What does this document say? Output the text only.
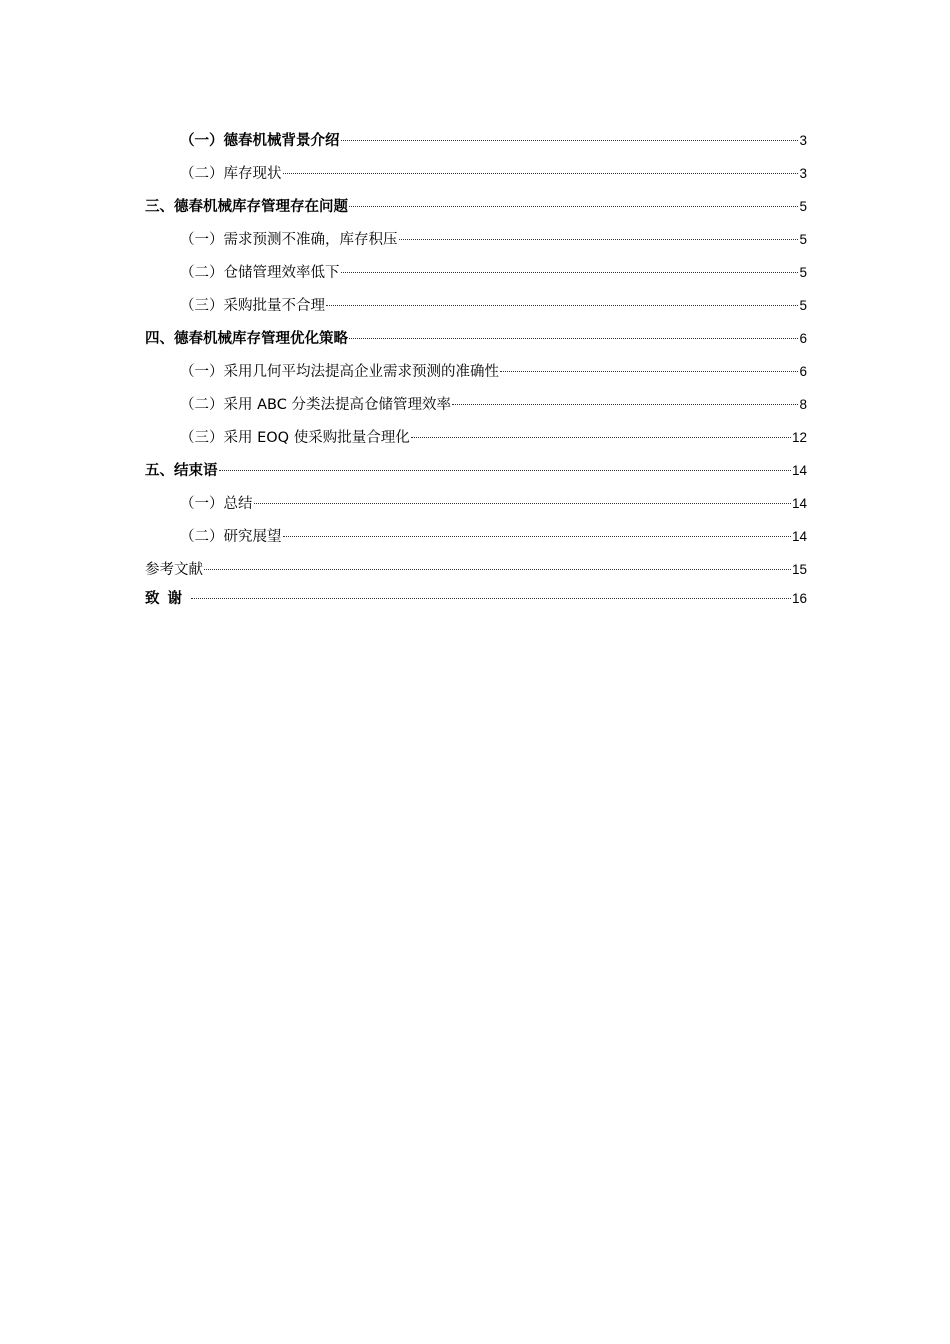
（一）德春机械背景介绍	3
（二）库存现状	3
三、德春机械库存管理存在问题	5
（一）需求预测不准确，库存积压	5
（二）仓储管理效率低下	5
（三）采购批量不合理	5
四、德春机械库存管理优化策略	6
（一）采用几何平均法提高企业需求预测的准确性	6
（二）采用 ABC 分类法提高仓储管理效率	8
（三）采用 EOQ 使采购批量合理化	12
五、结束语	14
（一）总结	14
（二）研究展望	14
参考文献	15
致谢	16
